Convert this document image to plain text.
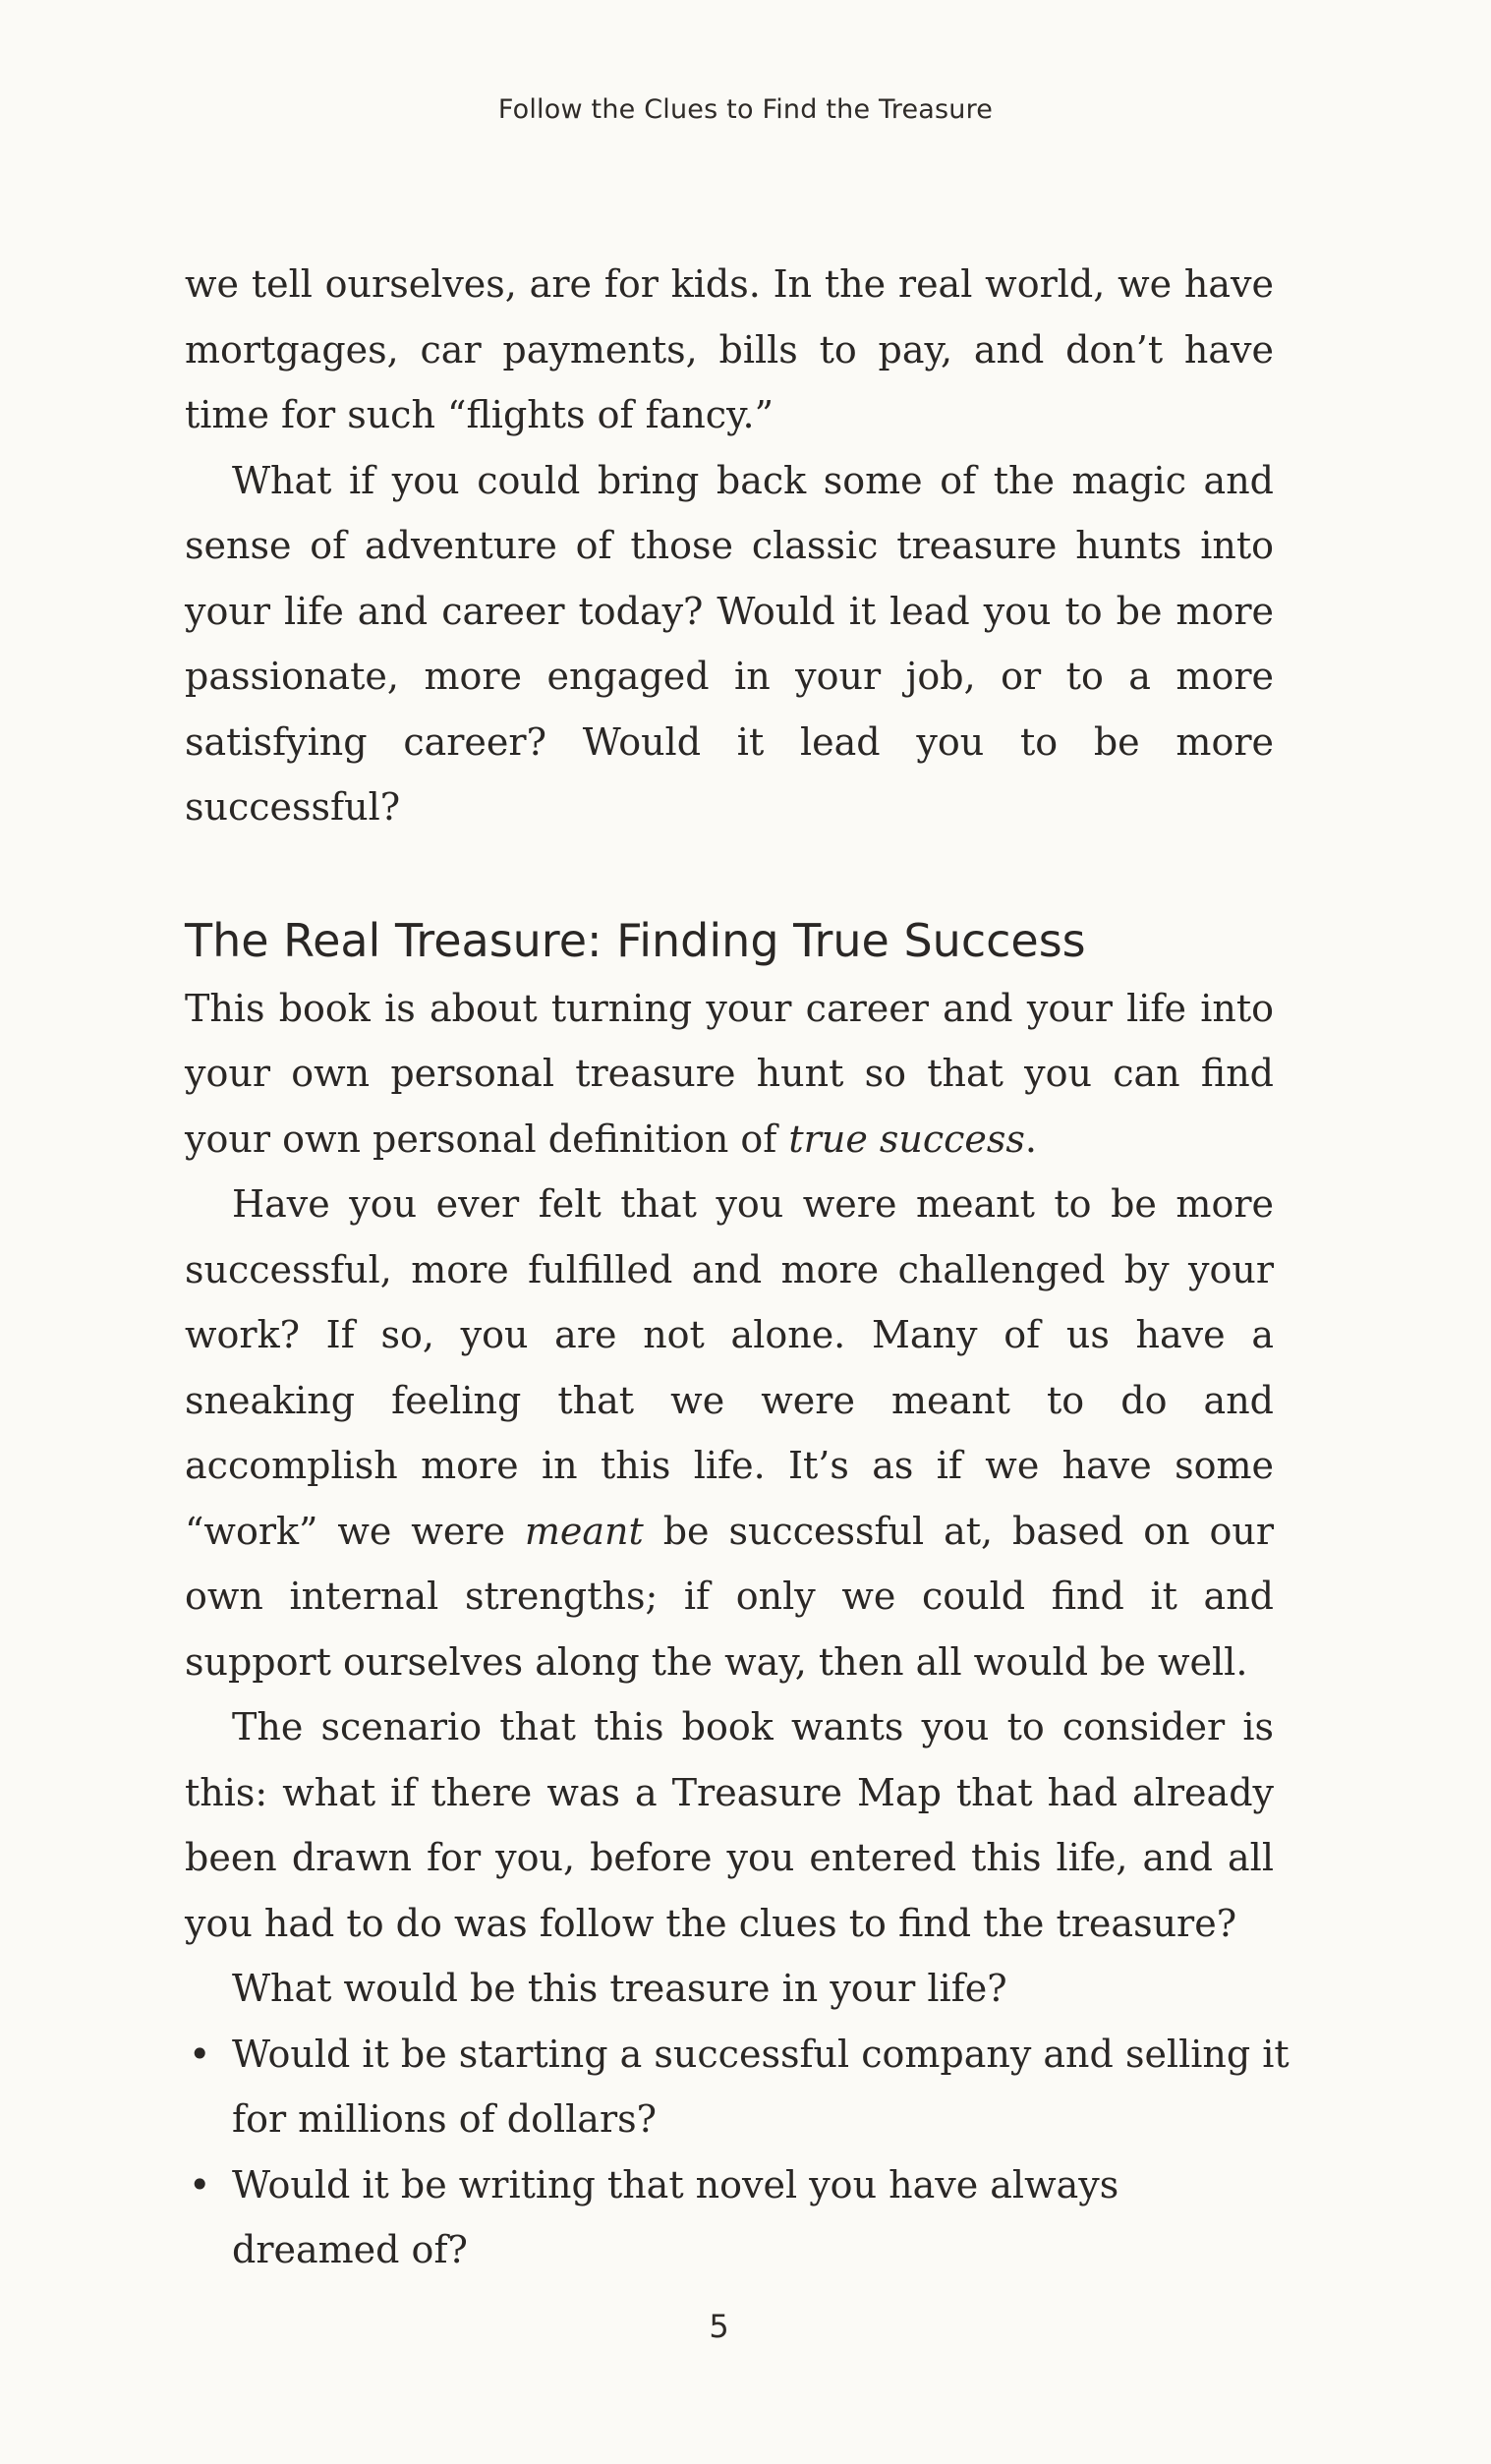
Follow the Clues to Find the Treasure

we tell ourselves, are for kids. In the real world, we have mortgages, car payments, bills to pay, and don’t have time for such “flights of fancy.”

What if you could bring back some of the magic and sense of adventure of those classic treasure hunts into your life and career today? Would it lead you to be more passionate, more engaged in your job, or to a more satisfying career? Would it lead you to be more successful?

The Real Treasure: Finding True Success

This book is about turning your career and your life into your own personal treasure hunt so that you can find your own personal definition of true success.

Have you ever felt that you were meant to be more successful, more fulfilled and more challenged by your work? If so, you are not alone. Many of us have a sneaking feeling that we were meant to do and accomplish more in this life. It’s as if we have some “work” we were meant be successful at, based on our own internal strengths; if only we could find it and support ourselves along the way, then all would be well.

The scenario that this book wants you to consider is this: what if there was a Treasure Map that had already been drawn for you, before you entered this life, and all you had to do was follow the clues to find the treasure?

What would be this treasure in your life?

• Would it be starting a successful company and selling it for millions of dollars?
• Would it be writing that novel you have always dreamed of?
5
